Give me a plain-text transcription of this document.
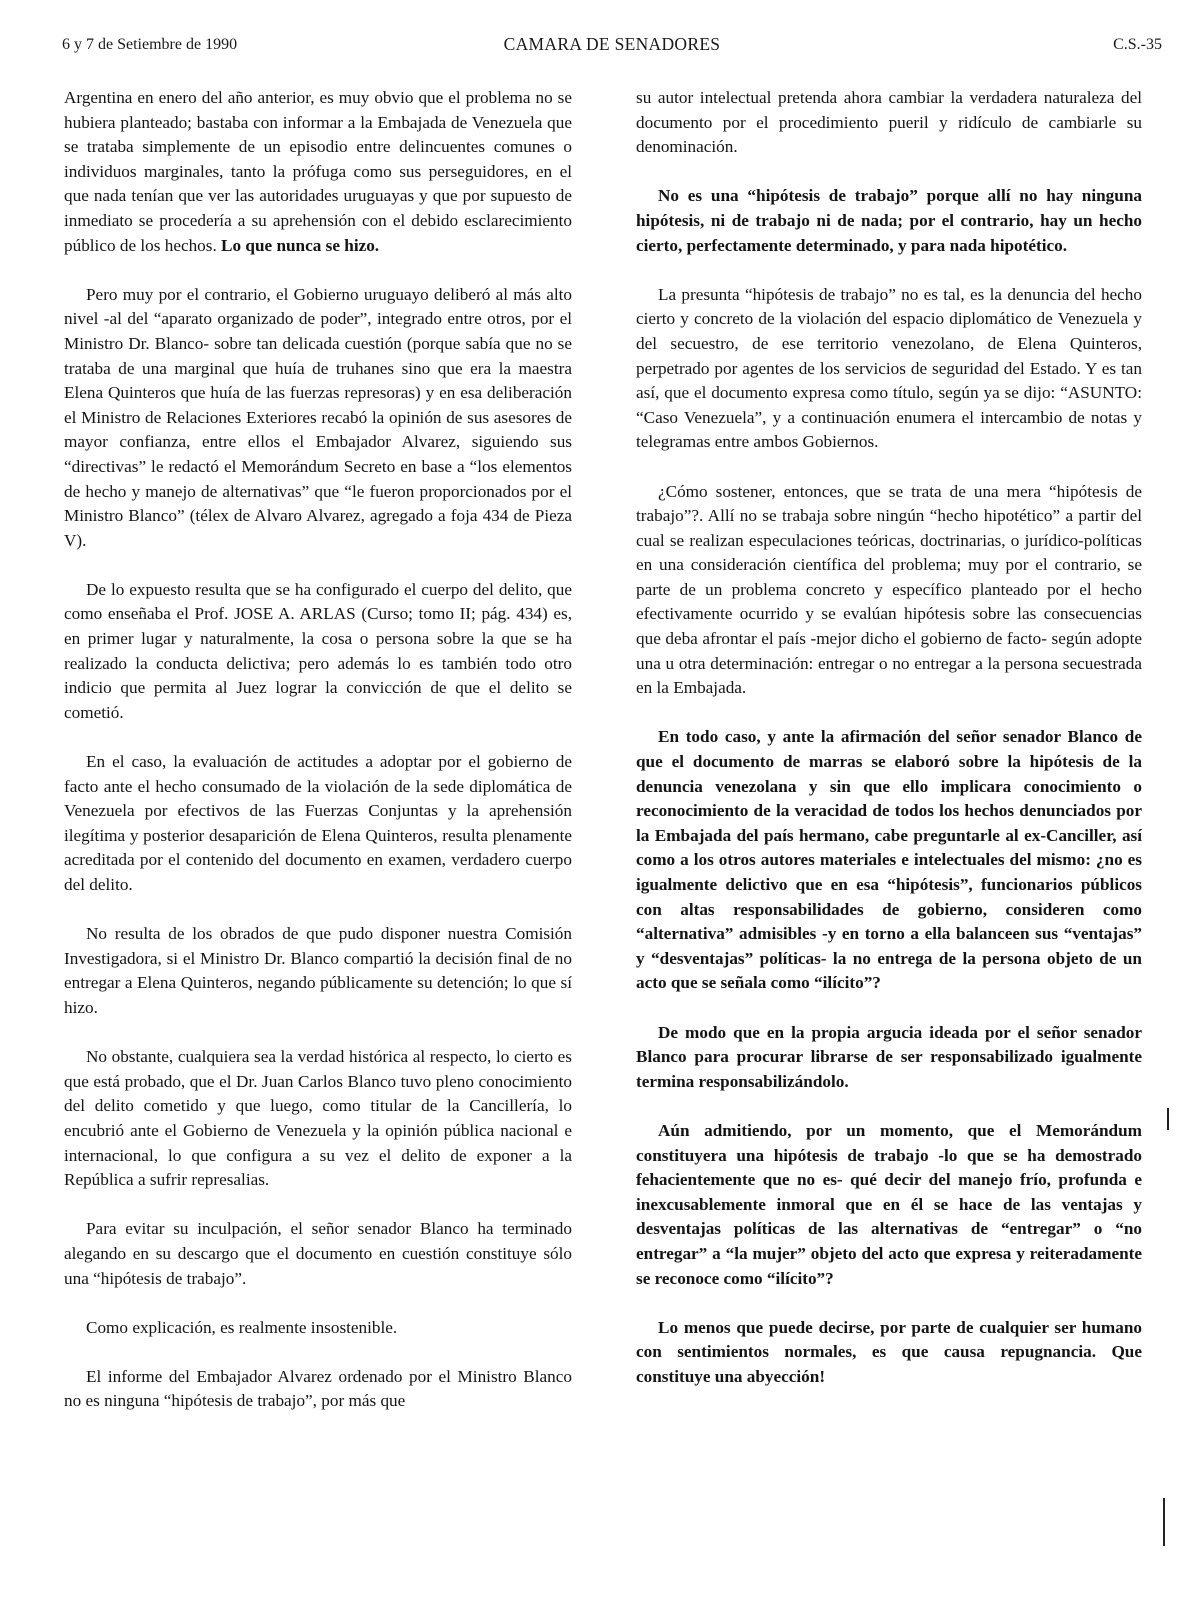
6 y 7 de Setiembre de 1990	CAMARA DE SENADORES	C.S.-35

Argentina en enero del año anterior, es muy obvio que el problema no se hubiera planteado; bastaba con informar a la Embajada de Venezuela que se trataba simplemente de un episodio entre delincuentes comunes o individuos marginales, tanto la prófuga como sus perseguidores, en el que nada tenían que ver las autoridades uruguayas y que por supuesto de inmediato se procedería a su aprehensión con el debido esclarecimiento público de los hechos. Lo que nunca se hizo.

Pero muy por el contrario, el Gobierno uruguayo deliberó al más alto nivel -al del “aparato organizado de poder”, integrado entre otros, por el Ministro Dr. Blanco- sobre tan delicada cuestión (porque sabía que no se trataba de una marginal que huía de truhanes sino que era la maestra Elena Quinteros que huía de las fuerzas represoras) y en esa deliberación el Ministro de Relaciones Exteriores recabó la opinión de sus asesores de mayor confianza, entre ellos el Embajador Alvarez, siguiendo sus “directivas” le redactó el Memorándum Secreto en base a “los elementos de hecho y manejo de alternativas” que “le fueron proporcionados por el Ministro Blanco” (télex de Alvaro Alvarez, agregado a foja 434 de Pieza V).

De lo expuesto resulta que se ha configurado el cuerpo del delito, que como enseñaba el Prof. JOSE A. ARLAS (Curso; tomo II; pág. 434) es, en primer lugar y naturalmente, la cosa o persona sobre la que se ha realizado la conducta delictiva; pero además lo es también todo otro indicio que permita al Juez lograr la convicción de que el delito se cometió.

En el caso, la evaluación de actitudes a adoptar por el gobierno de facto ante el hecho consumado de la violación de la sede diplomática de Venezuela por efectivos de las Fuerzas Conjuntas y la aprehensión ilegítima y posterior desaparición de Elena Quinteros, resulta plenamente acreditada por el contenido del documento en examen, verdadero cuerpo del delito.

No resulta de los obrados de que pudo disponer nuestra Comisión Investigadora, si el Ministro Dr. Blanco compartió la decisión final de no entregar a Elena Quinteros, negando públicamente su detención; lo que sí hizo.

No obstante, cualquiera sea la verdad histórica al respecto, lo cierto es que está probado, que el Dr. Juan Carlos Blanco tuvo pleno conocimiento del delito cometido y que luego, como titular de la Cancillería, lo encubrió ante el Gobierno de Venezuela y la opinión pública nacional e internacional, lo que configura a su vez el delito de exponer a la República a sufrir represalias.

Para evitar su inculpación, el señor senador Blanco ha terminado alegando en su descargo que el documento en cuestión constituye sólo una “hipótesis de trabajo”.

Como explicación, es realmente insostenible.

El informe del Embajador Alvarez ordenado por el Ministro Blanco no es ninguna “hipótesis de trabajo”, por más que

su autor intelectual pretenda ahora cambiar la verdadera naturaleza del documento por el procedimiento pueril y ridículo de cambiarle su denominación.

No es una “hipótesis de trabajo” porque allí no hay ninguna hipótesis, ni de trabajo ni de nada; por el contrario, hay un hecho cierto, perfectamente determinado, y para nada hipotético.

La presunta “hipótesis de trabajo” no es tal, es la denuncia del hecho cierto y concreto de la violación del espacio diplomático de Venezuela y del secuestro, de ese territorio venezolano, de Elena Quinteros, perpetrado por agentes de los servicios de seguridad del Estado. Y es tan así, que el documento expresa como título, según ya se dijo: “ASUNTO: “Caso Venezuela”, y a continuación enumera el intercambio de notas y telegramas entre ambos Gobiernos.

¿Cómo sostener, entonces, que se trata de una mera “hipótesis de trabajo”?. Allí no se trabaja sobre ningún “hecho hipotético” a partir del cual se realizan especulaciones teóricas, doctrinarias, o jurídico-políticas en una consideración científica del problema; muy por el contrario, se parte de un problema concreto y específico planteado por el hecho efectivamente ocurrido y se evalúan hipótesis sobre las consecuencias que deba afrontar el país -mejor dicho el gobierno de facto- según adopte una u otra determinación: entregar o no entregar a la persona secuestrada en la Embajada.

En todo caso, y ante la afirmación del señor senador Blanco de que el documento de marras se elaboró sobre la hipótesis de la denuncia venezolana y sin que ello implicara conocimiento o reconocimiento de la veracidad de todos los hechos denunciados por la Embajada del país hermano, cabe preguntarle al ex-Canciller, así como a los otros autores materiales e intelectuales del mismo: ¿no es igualmente delictivo que en esa “hipótesis”, funcionarios públicos con altas responsabilidades de gobierno, consideren como “alternativa” admisibles -y en torno a ella balanceen sus “ventajas” y “desventajas” políticas- la no entrega de la persona objeto de un acto que se señala como “ilícito”?

De modo que en la propia argucia ideada por el señor senador Blanco para procurar librarse de ser responsabilizado igualmente termina responsabilizándolo.

Aún admitiendo, por un momento, que el Memorándum constituyera una hipótesis de trabajo -lo que se ha demostrado fehacientemente que no es- qué decir del manejo frío, profunda e inexcusablemente inmoral que en él se hace de las ventajas y desventajas políticas de las alternativas de “entregar” o “no entregar” a “la mujer” objeto del acto que expresa y reiteradamente se reconoce como “ilícito”?

Lo menos que puede decirse, por parte de cualquier ser humano con sentimientos normales, es que causa repugnancia. Que constituye una abyección!
